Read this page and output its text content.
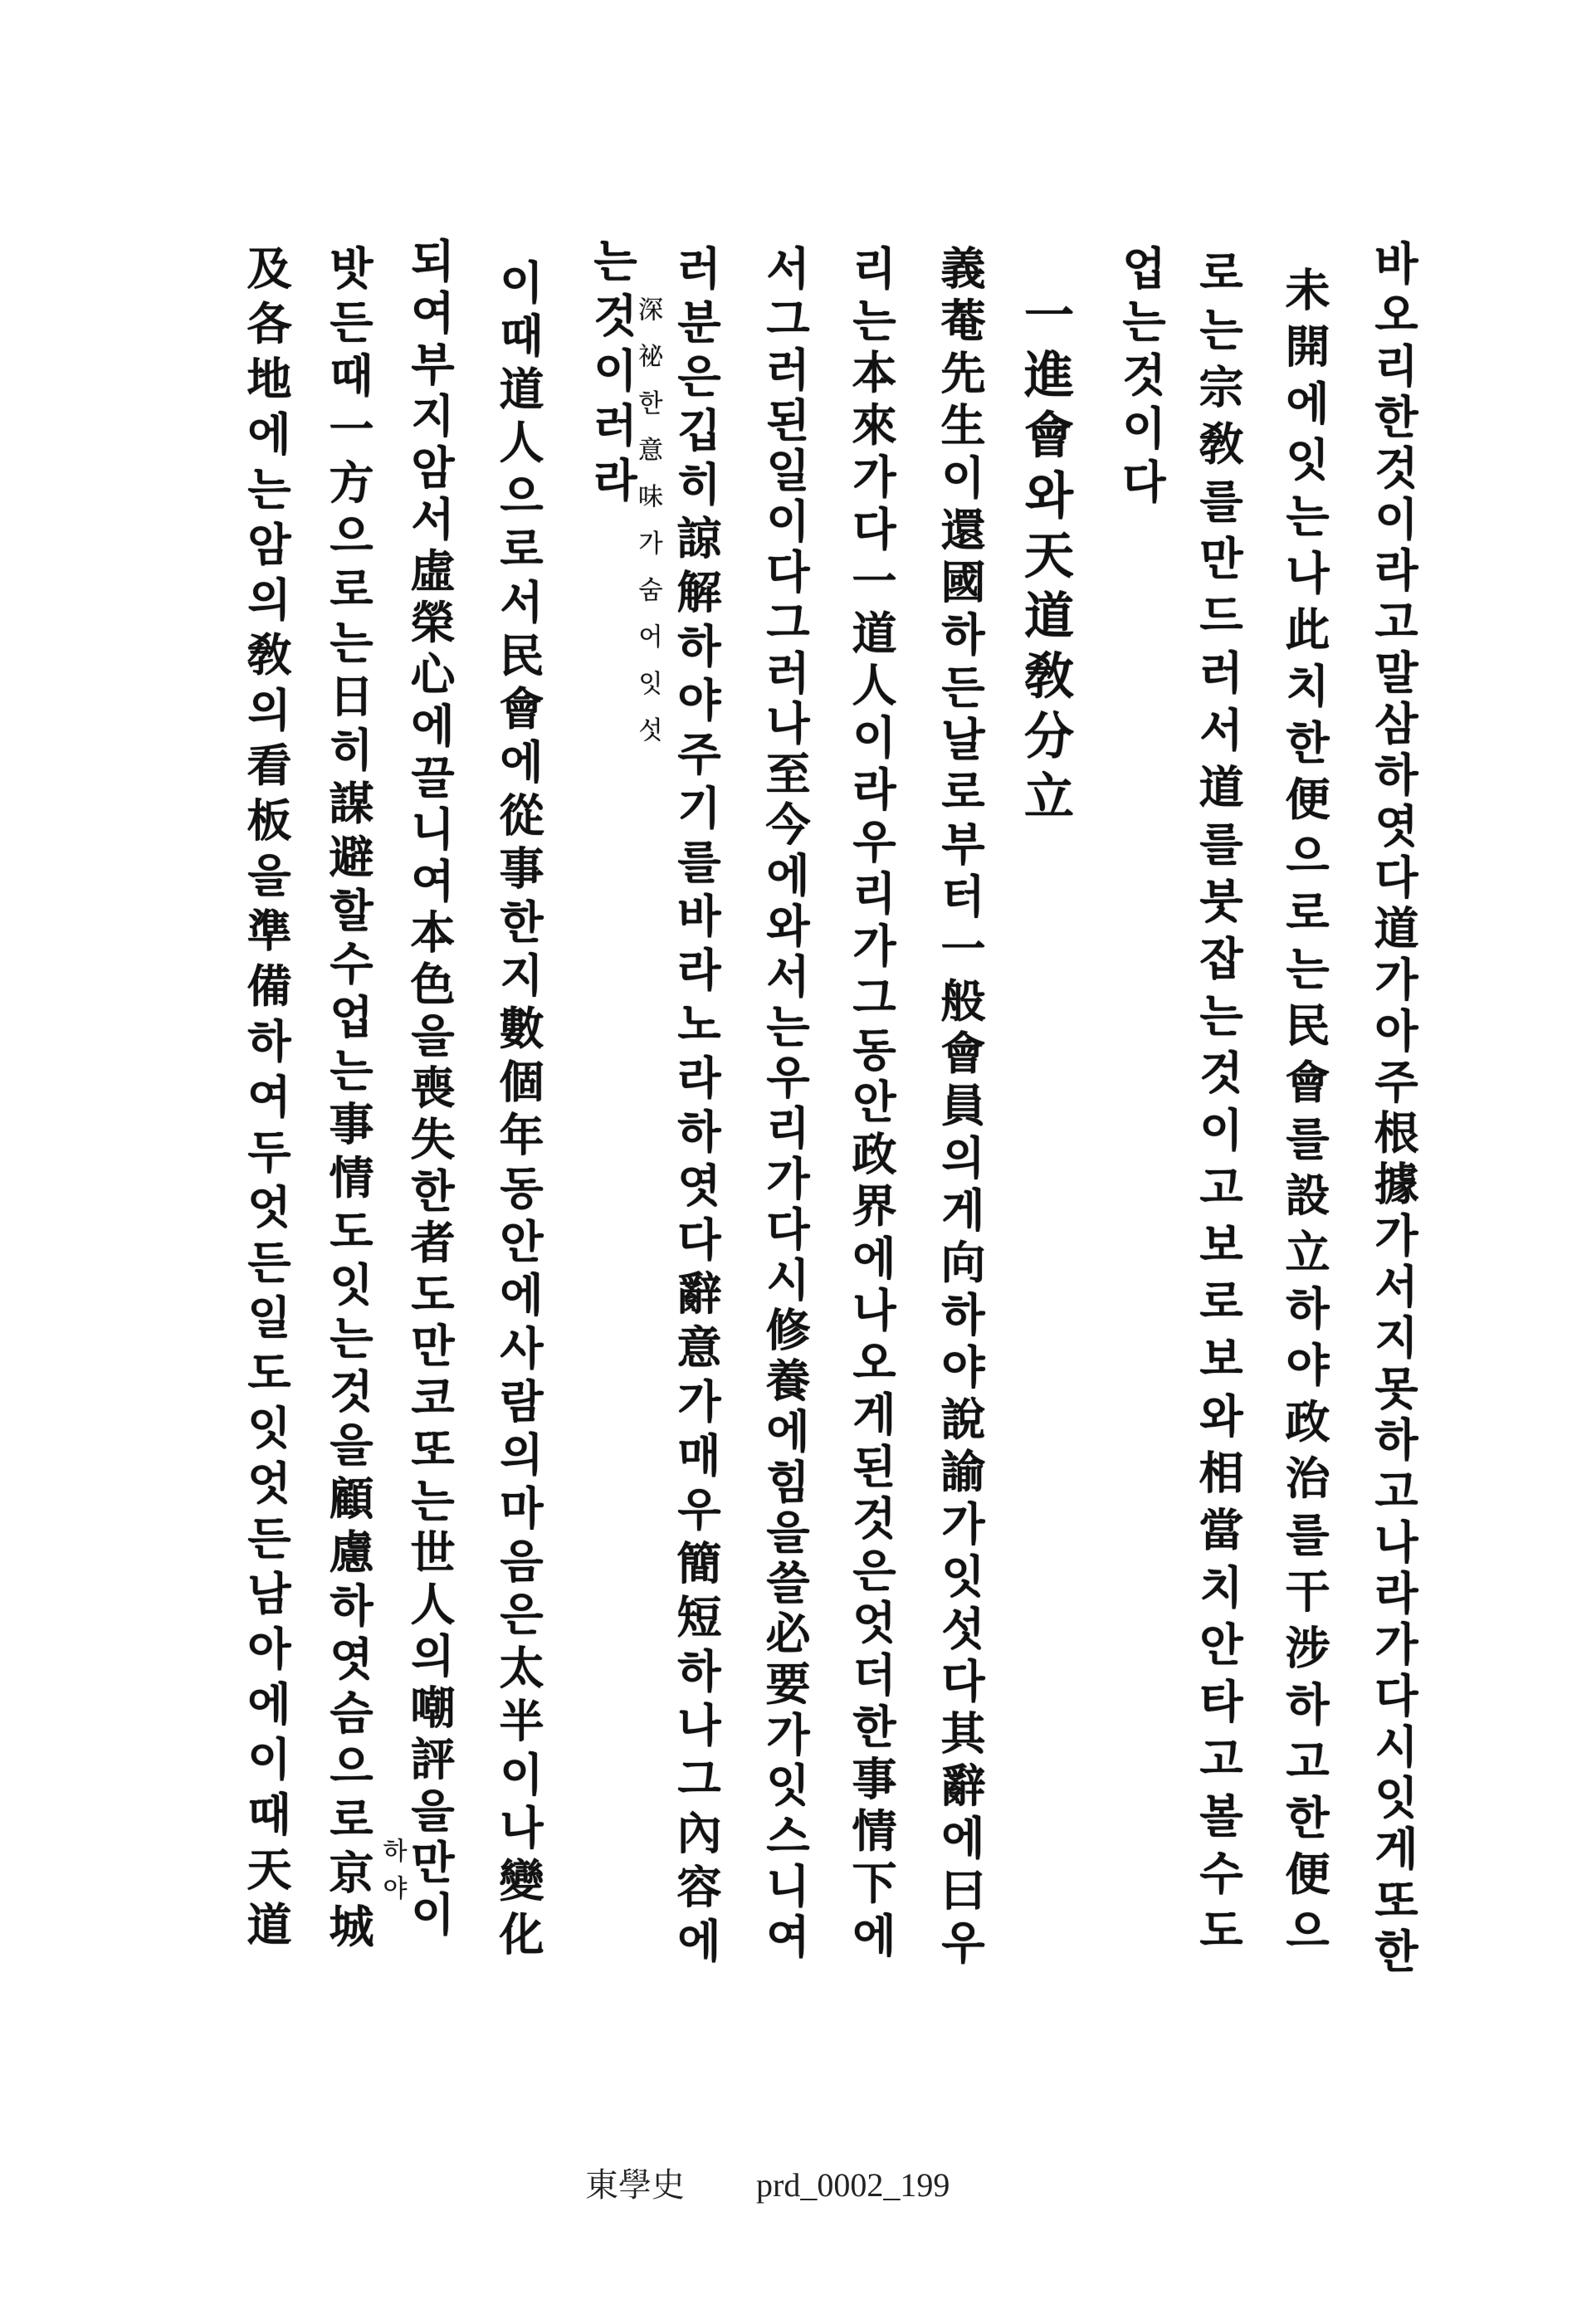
바오리한것이라고말삼하엿다道가아주根據가서지못하고나라가다시잇게또한
未開에잇는나此치한便으로는民會를設立하야政治를干涉하고한便으
로는宗敎를만드러서道를붓잡는것이고보로보와相當치안타고볼수도
업는것이다
一進會와天道敎分立
義菴先生이還國하든날로부터一般會員의게向하야說諭가잇섯다其辭에曰우
리는本來가다一道人이라우리가그동안政界에나오게된것은엇더한事情下에
서그러된일이다그러나至今에와서는우리가다시修養에힘을쓸必要가잇스니여
러분은깁히諒解하야주기를바라노라하엿다辭意가매우簡短하나그內容에
深祕한意味가숨어잇섯
는것이러라
이때道人으로서民會에從事한지數個年동안에사람의마음은太半이나變化
되여부지암서虛榮心에끌니여本色을喪失한者도만코또는世人의嘲評을만이
하야
밧든때一方으로는日히謀避할수업는事情도잇는것을顧慮하엿슴으로京城
及各地에는암의敎의看板을準備하여두엇든일도잇엇든남아에이때天道
東學史 prd_0002_199
